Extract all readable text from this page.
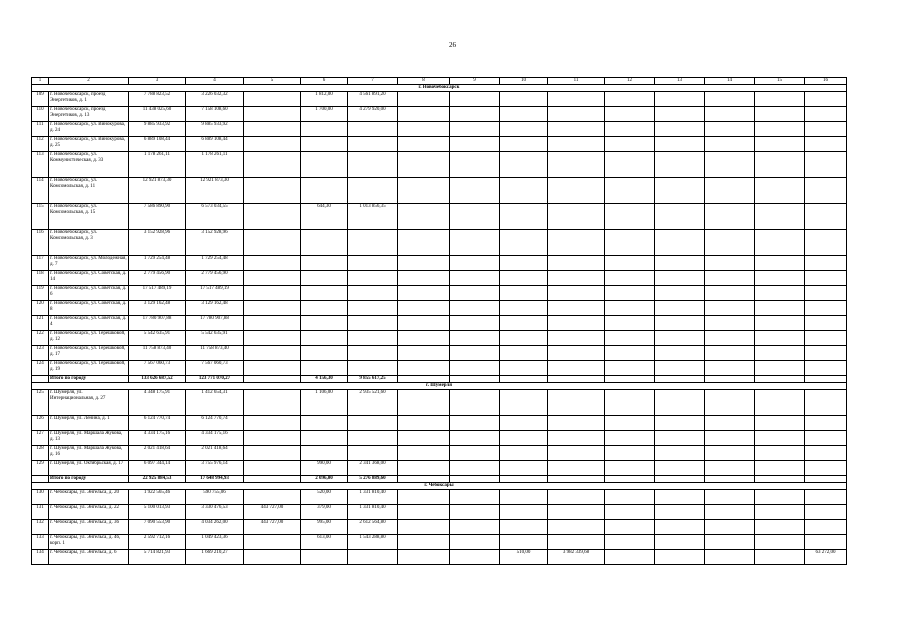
26
1	2	3	4	5	6	7	8	9	10	11	12	13	14	15	16
г. Новочебоксарск															
109	г. Новочебоксарск, проезд Энергетиков, д. 1	7 788 823,52	3 226 032,32		1 812,00	4 561 891,20									
110	г. Новочебоксарск, проезд Энергетиков, д. 13	11 438 025,60	7 158 108,60		1 700,00	4 279 920,00									
111	г. Новочебоксарск, ул. Винокурова, д. 24	9 885 933,92	9 885 933,92												
112	г. Новочебоксарск, ул. Винокурова, д. 25	6 889 108,44	6 889 108,44												
113	г. Новочебоксарск, ул. Коммунистическая, д. 33	1 178 261,11	1 178 261,11												
114	г. Новочебоксарск, ул. Комсомольская, д. 11	12 921 873,30	12 921 873,30												
115	г. Новочебоксарск, ул. Комсомольская, д. 15	7 586 890,90	6 573 034,55		644,30	1 013 856,35									
116	г. Новочебоксарск, ул. Комсомольская, д. 3	3 152 928,96	3 152 928,96												
117	г. Новочебоксарск, ул. Молодежная, д. 7	1 729 254,48	1 729 254,48												
118	г. Новочебоксарск, ул. Советская, д. 14	2 779 456,90	2 779 456,90												
119	г. Новочебоксарск, ул. Советская, д. 6	17 517 489,19	17 517 489,19												
120	г. Новочебоксарск, ул. Советская, д. 8	3 129 162,48	3 129 162,48												
121	г. Новочебоксарск, ул. Советская, д. 4	17 780 907,88	17 780 907,88												
122	г. Новочебоксарск, ул. Терешковой, д. 12	5 542 635,91	5 542 635,91												
123	г. Новочебоксарск, ул. Терешковой, д. 17	11 758 873,40	11 758 873,40												
124	г. Новочебоксарск, ул. Терешковой, д. 19	7 567 060,73	7 567 060,73												
	Итого по городу	133 626 687,52	123 771 070,27		4 156,30	9 855 617,25									
г. Шумерля															
125	г. Шумерля, ул. Интернациональная, д. 27	4 348 175,91	1 412 654,31		1 106,00	2 935 521,60									
126	г. Шумерля, ул. Ленина, д. 1	6 124 770,74	6 124 770,74												
127	г. Шумерля, ул. Маршала Жукова, д. 13	4 334 175,16	4 334 175,16												
128	г. Шумерля, ул. Маршала Жукова, д. 16	2 021 418,64	2 021 418,64												
129	г. Шумерля, ул. Октябрьская, д. 17	6 097 344,14	3 755 976,14		990,00	2 341 368,00									
	Итого по городу	22 925 884,53	17 648 994,93		2 096,00	5 276 889,60									
г. Чебоксары															
130	г. Чебоксары, ул. Энгельса, д. 20	1 922 565,46	590 755,06		520,00	1 331 810,40									
131	г. Чебоксары, ул. Энгельса, д. 22	5 100 013,93	3 330 476,53	443 727,00	379,00	1 331 810,40									
132	г. Чебоксары, ул. Энгельса, д. 36	7 090 553,90	4 034 262,00	443 727,00	995,00	2 612 564,80									
133	г. Чебоксары, ул. Энгельса, д. 46, корп. 1	2 592 712,16	1 049 423,36		613,00	1 543 288,80									
134	г. Чебоксары, ул. Энгельса, д. 6	5 714 821,93	1 669 210,27						510,00	3 982 339,68					63 272,00
